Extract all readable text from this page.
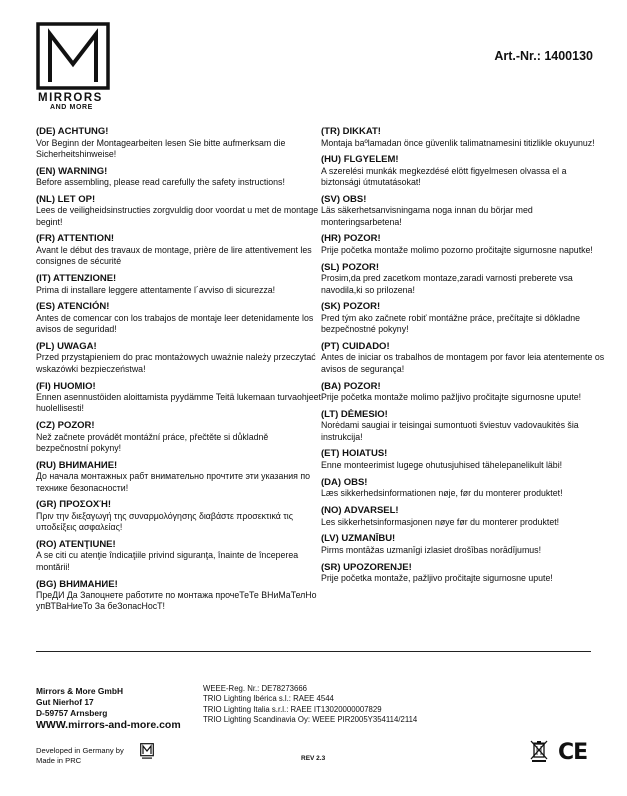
MIRRORS
AND MORE
Art.-Nr.: 1400130
(DE) ACHTUNG!
Vor Beginn der Montagearbeiten lesen Sie bitte aufmerksam die Sicherheitshinweise!
(EN) WARNING!
Before assembling, please read carefully the safety instructions!
(NL) LET OP!
Lees de veiligheidsinstructies zorgvuldig door voordat u met de montage begint!
(FR) ATTENTION!
Avant le début des travaux de montage, prière de lire attentivement les consignes de sécurité
(IT) ATTENZIONE!
Prima di installare leggere attentamente l´avviso di sicurezza!
(ES) ATENCIÓN!
Antes de comencar con los trabajos de montaje leer detenidamente los avisos de seguridad!
(PL) UWAGA!
Przed przystąpieniem do prac montażowych uważnie należy przeczytać wskazówki bezpieczeństwa!
(FI) HUOMIO!
Ennen asennustöiden aloittamista pyydämme Teitä lukemaan turvaohjeet huolellisesti!
(CZ) POZOR!
Než začnete provádět montážní práce, přečtěte si důkladně bezpečnostní pokyny!
(RU) ВНИМАНИЕ!
До начала монтажных рабт внимательно прочтите эти указания по технике безопасности!
(GR) ΠΡΟΣΟΧΉ!
Πριν την διεξαγωγή της συναρμολόγησης διαβάστε προσεκτικά τις υποδείξεις ασφαλείας!
(RO) ATENŢIUNE!
A se citi cu atenţie îndicaţiile privind siguranţa, înainte de începerea montării!
(BG) ВНИМАНИЕ!
ПреДИ Да Запоцнете работите по монтажа прочеТеТе ВНиМаТелНо упВТВаНиеТо За беЗопасНосТ!
(TR) DIKKAT!
Montaja baºlamadan önce güvenlik talimatnamesini titizlikle okuyunuz!
(HU) FLGYELEM!
A szerelési munkák megkezdésé elött figyelmesen olvassa el a biztonsági útmutatásokat!
(SV) OBS!
Läs säkerhetsanvisningama noga innan du börjar med monteringsarbetena!
(HR) POZOR!
Prije početka montaže molimo pozorno pročitajte sigurnosne naputke!
(SL) POZOR!
Prosim,da pred zacetkom montaze,zaradi varnosti preberete vsa navodila,ki so prilozena!
(SK) POZOR!
Pred tým ako začnete robiť montážne práce, prečítajte si dôkladne bezpečnostné pokyny!
(PT) CUIDADO!
Antes de iniciar os trabalhos de montagem por favor leia atentemente os avisos de segurança!
(BA) POZOR!
Prije početka montaže molimo pažljivo pročitajte sigurnosne upute!
(LT) DĖMESIO!
Norėdami saugiai ir teisingai sumontuoti šviestuv vadovaukitės šia instrukcija!
(ET) HOIATUS!
Enne monteerimist lugege ohutusjuhised tähelepanelikult läbi!
(DA) OBS!
Læs sikkerhedsinformationen nøje, før du monterer produktet!
(NO) ADVARSEL!
Les sikkerhetsinformasjonen nøye før du monterer produktet!
(LV) UZMANĪBU!
Pirms montāžas uzmanīgi izlasiet drošības norādījumus!
(SR) UPOZORENJE!
Prije početka montaže, pažljivo pročitajte sigurnosne upute!
Mirrors & More GmbH
Gut Nierhof 17
D-59757 Arnsberg
WWW.mirrors-and-more.com
WEEE-Reg. Nr.: DE78273666
TRIO Lighting Ibérica s.l.: RAEE 4544
TRIO Lighting Italia s.r.l.: RAEE IT13020000007829
TRIO Lighting Scandinavia Oy: WEEE PIR2005Y354114/2114
Developed in Germany by
Made in PRC	REV 2.3	CE
